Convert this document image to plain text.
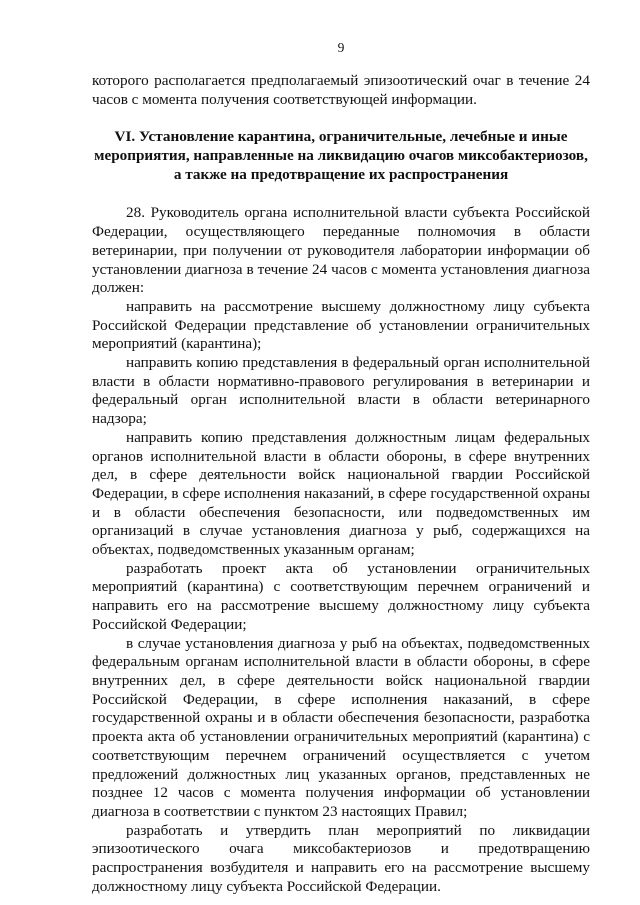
9

которого располагается предполагаемый эпизоотический очаг в течение 24 часов с момента получения соответствующей информации.

VI. Установление карантина, ограничительные, лечебные и иные
мероприятия, направленные на ликвидацию очагов миксобактериозов,
а также на предотвращение их распространения

28. Руководитель органа исполнительной власти субъекта Российской Федерации, осуществляющего переданные полномочия в области ветеринарии, при получении от руководителя лаборатории информации об установлении диагноза в течение 24 часов с момента установления диагноза должен:

направить на рассмотрение высшему должностному лицу субъекта Российской Федерации представление об установлении ограничительных мероприятий (карантина);

направить копию представления в федеральный орган исполнительной власти в области нормативно-правового регулирования в ветеринарии и федеральный орган исполнительной власти в области ветеринарного надзора;

направить копию представления должностным лицам федеральных органов исполнительной власти в области обороны, в сфере внутренних дел, в сфере деятельности войск национальной гвардии Российской Федерации, в сфере исполнения наказаний, в сфере государственной охраны и в области обеспечения безопасности, или подведомственных им организаций в случае установления диагноза у рыб, содержащихся на объектах, подведомственных указанным органам;

разработать проект акта об установлении ограничительных мероприятий (карантина) с соответствующим перечнем ограничений и направить его на рассмотрение высшему должностному лицу субъекта Российской Федерации;

в случае установления диагноза у рыб на объектах, подведомственных федеральным органам исполнительной власти в области обороны, в сфере внутренних дел, в сфере деятельности войск национальной гвардии Российской Федерации, в сфере исполнения наказаний, в сфере государственной охраны и в области обеспечения безопасности, разработка проекта акта об установлении ограничительных мероприятий (карантина) с соответствующим перечнем ограничений осуществляется с учетом предложений должностных лиц указанных органов, представленных не позднее 12 часов с момента получения информации об установлении диагноза в соответствии с пунктом 23 настоящих Правил;

разработать и утвердить план мероприятий по ликвидации эпизоотического очага миксобактериозов и предотвращению распространения возбудителя и направить его на рассмотрение высшему должностному лицу субъекта Российской Федерации.
